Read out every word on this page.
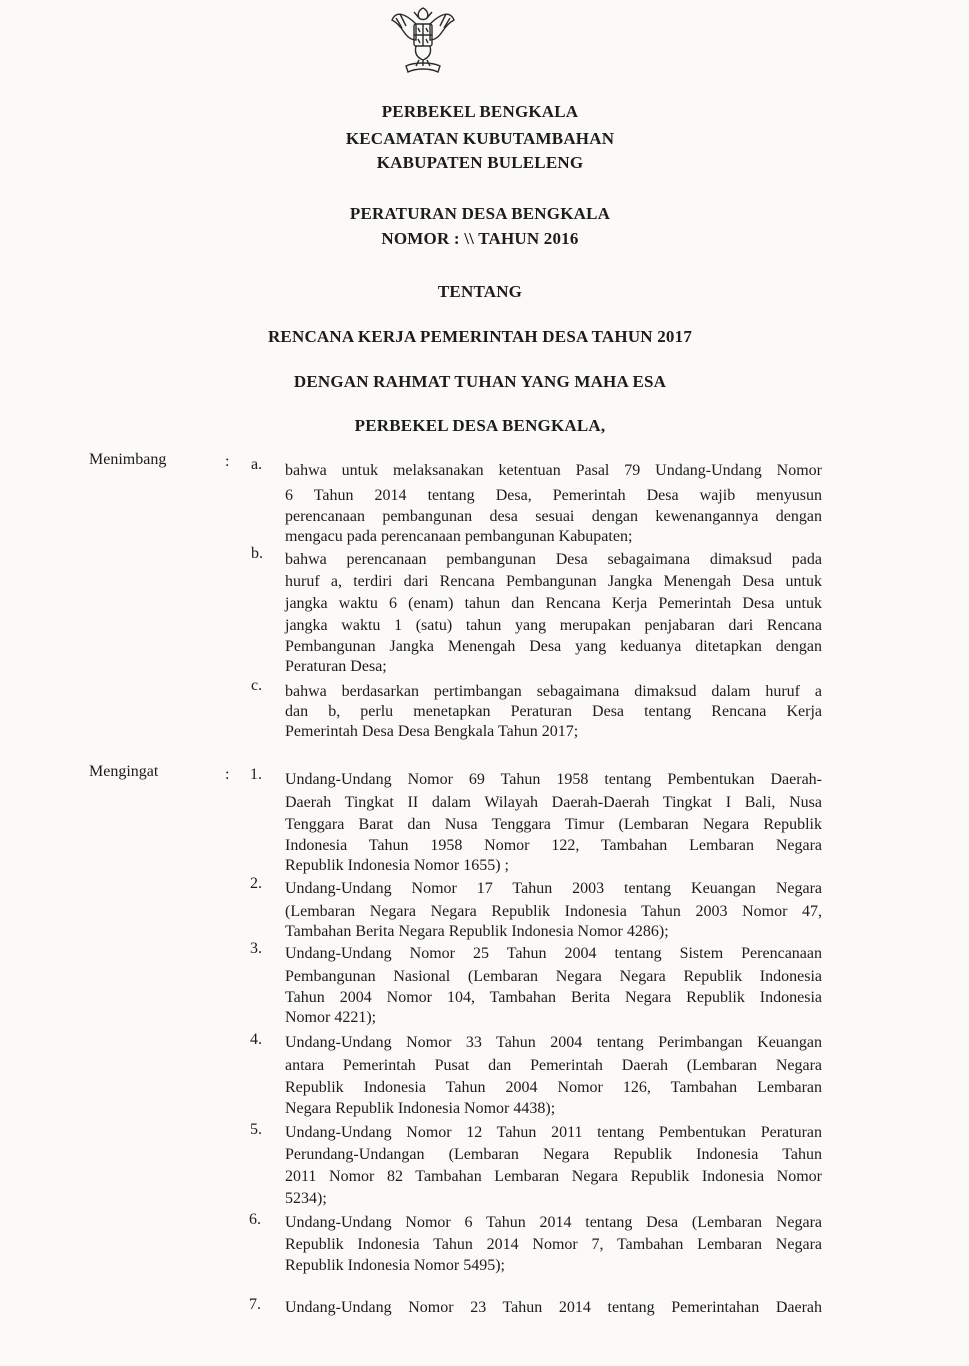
PERBEKEL BENGKALA
KECAMATAN KUBUTAMBAHAN
KABUPATEN BULELENG
PERATURAN DESA BENGKALA
NOMOR : \\ TAHUN 2016
TENTANG
RENCANA KERJA PEMERINTAH DESA TAHUN 2017
DENGAN RAHMAT TUHAN YANG MAHA ESA
PERBEKEL DESA BENGKALA,
Menimbang	: a. bahwa untuk melaksanakan ketentuan Pasal 79 Undang-Undang Nomor
6 Tahun 2014 tentang Desa, Pemerintah Desa wajib menyusun
perencanaan pembangunan desa sesuai dengan kewenangannya dengan
mengacu pada perencanaan pembangunan Kabupaten;
b. bahwa perencanaan pembangunan Desa sebagaimana dimaksud pada
huruf a, terdiri dari Rencana Pembangunan Jangka Menengah Desa untuk
jangka waktu 6 (enam) tahun dan Rencana Kerja Pemerintah Desa untuk
jangka waktu 1 (satu) tahun yang merupakan penjabaran dari Rencana
Pembangunan Jangka Menengah Desa yang keduanya ditetapkan dengan
Peraturan Desa;
c. bahwa berdasarkan pertimbangan sebagaimana dimaksud dalam huruf a
dan b, perlu menetapkan Peraturan Desa tentang Rencana Kerja
Pemerintah Desa Desa Bengkala Tahun 2017;
Mengingat	: 1. Undang-Undang Nomor 69 Tahun 1958 tentang Pembentukan Daerah-
Daerah Tingkat II dalam Wilayah Daerah-Daerah Tingkat I Bali, Nusa
Tenggara Barat dan Nusa Tenggara Timur (Lembaran Negara Republik
Indonesia Tahun 1958 Nomor 122, Tambahan Lembaran Negara
Republik Indonesia Nomor 1655) ;
2. Undang-Undang Nomor 17 Tahun 2003 tentang Keuangan Negara
(Lembaran Negara Negara Republik Indonesia Tahun 2003 Nomor 47,
Tambahan Berita Negara Republik Indonesia Nomor 4286);
3. Undang-Undang Nomor 25 Tahun 2004 tentang Sistem Perencanaan
Pembangunan Nasional (Lembaran Negara Negara Republik Indonesia
Tahun 2004 Nomor 104, Tambahan Berita Negara Republik Indonesia
Nomor 4221);
4. Undang-Undang Nomor 33 Tahun 2004 tentang Perimbangan Keuangan
antara Pemerintah Pusat dan Pemerintah Daerah (Lembaran Negara
Republik Indonesia Tahun 2004 Nomor 126, Tambahan Lembaran
Negara Republik Indonesia Nomor 4438);
5. Undang-Undang Nomor 12 Tahun 2011 tentang Pembentukan Peraturan
Perundang-Undangan (Lembaran Negara Republik Indonesia Tahun
2011 Nomor 82 Tambahan Lembaran Negara Republik Indonesia Nomor
5234);
6. Undang-Undang Nomor 6 Tahun 2014 tentang Desa (Lembaran Negara
Republik Indonesia Tahun 2014 Nomor 7, Tambahan Lembaran Negara
Republik Indonesia Nomor 5495);
7. Undang-Undang Nomor 23 Tahun 2014 tentang Pemerintahan Daerah
